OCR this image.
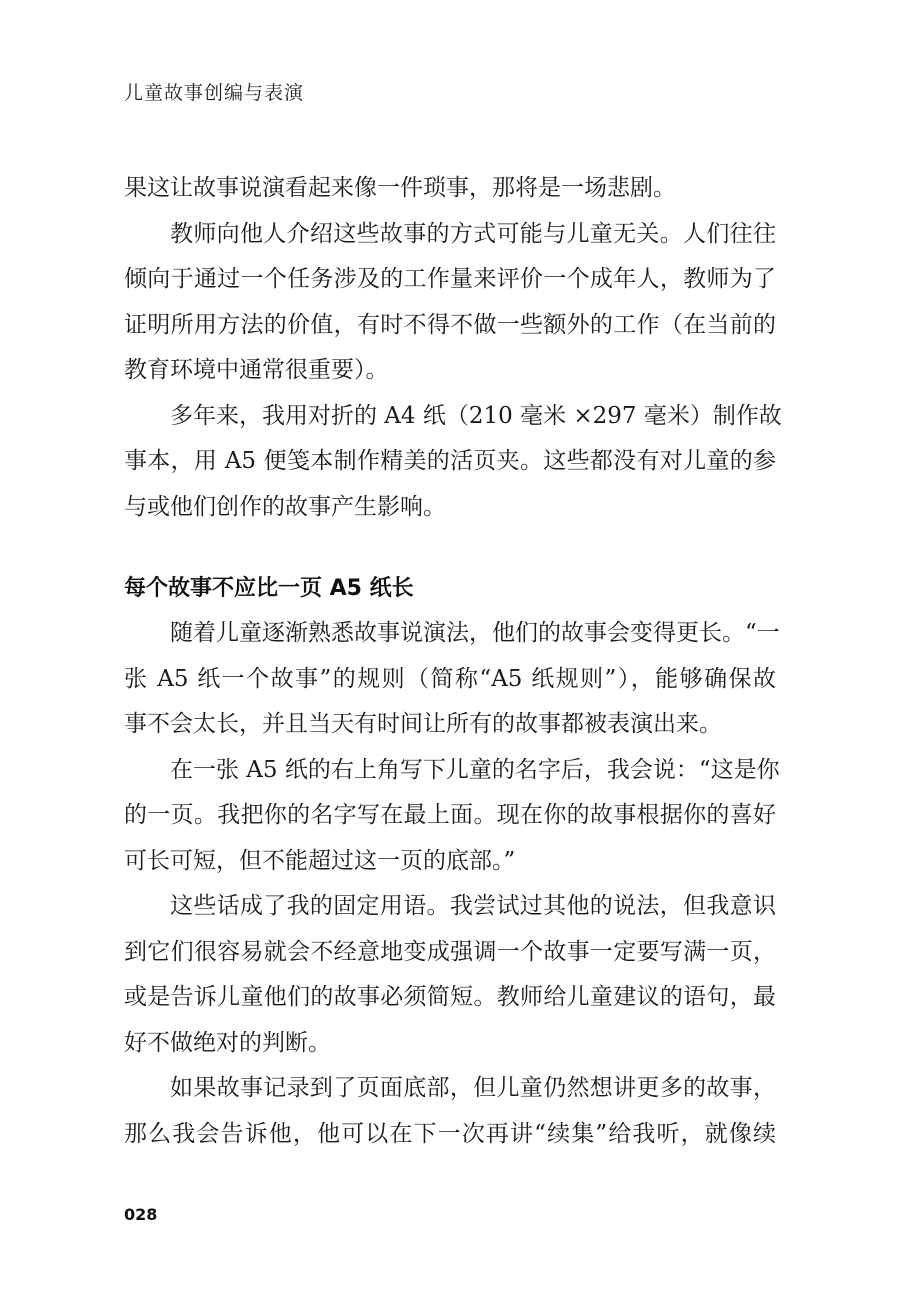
儿童故事创编与表演
果这让故事说演看起来像一件琐事，那将是一场悲剧。
教师向他人介绍这些故事的方式可能与儿童无关。人们往往
倾向于通过一个任务涉及的工作量来评价一个成年人，教师为了
证明所用方法的价值，有时不得不做一些额外的工作（在当前的
教育环境中通常很重要）。
多年来，我用对折的 A4 纸（210 毫米 ×297 毫米）制作故
事本，用 A5 便笺本制作精美的活页夹。这些都没有对儿童的参
与或他们创作的故事产生影响。
每个故事不应比一页 A5 纸长
随着儿童逐渐熟悉故事说演法，他们的故事会变得更长。“一
张 A5 纸一个故事”的规则（简称“A5 纸规则”），能够确保故
事不会太长，并且当天有时间让所有的故事都被表演出来。
在一张 A5 纸的右上角写下儿童的名字后，我会说：“这是你
的一页。我把你的名字写在最上面。现在你的故事根据你的喜好
可长可短，但不能超过这一页的底部。”
这些话成了我的固定用语。我尝试过其他的说法，但我意识
到它们很容易就会不经意地变成强调一个故事一定要写满一页，
或是告诉儿童他们的故事必须简短。教师给儿童建议的语句，最
好不做绝对的判断。
如果故事记录到了页面底部，但儿童仍然想讲更多的故事，
那么我会告诉他，他可以在下一次再讲“续集”给我听，就像续
028
